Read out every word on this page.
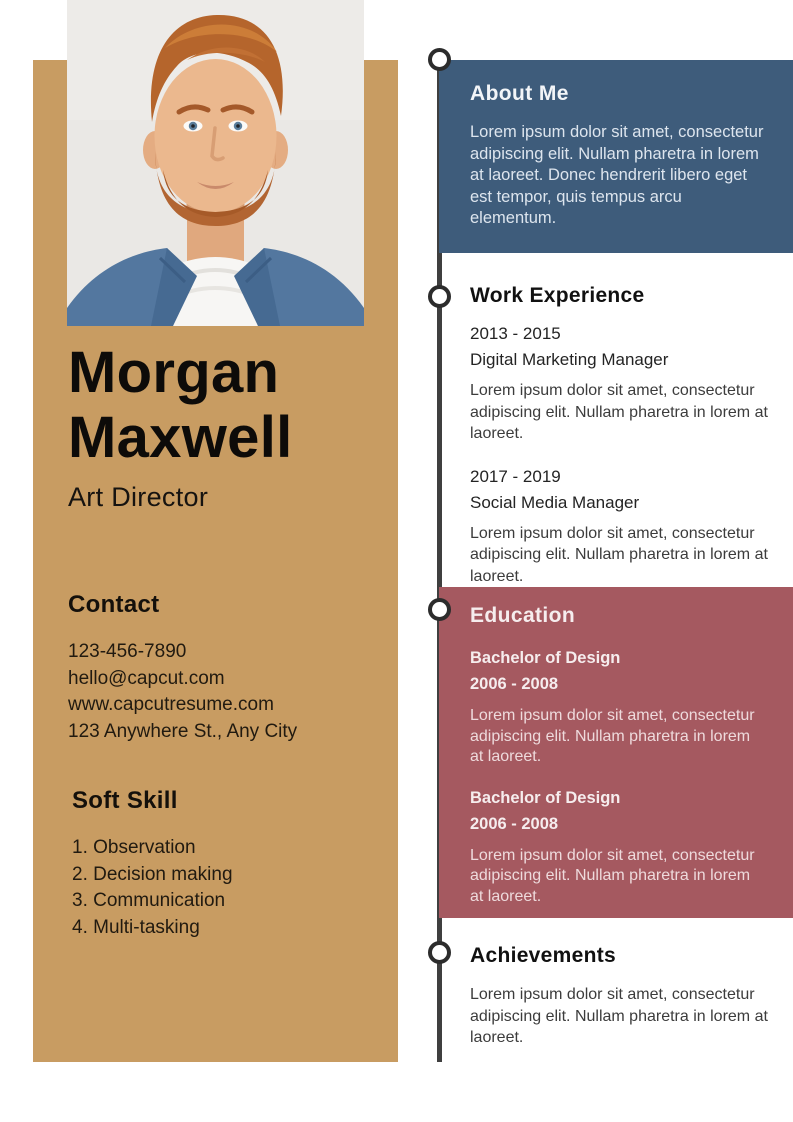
Morgan
Maxwell
Art Director
Contact
123-456-7890
hello@capcut.com
www.capcutresume.com
123 Anywhere St., Any City
Soft Skill
1. Observation
2. Decision making
3. Communication
4. Multi-tasking
About Me

Lorem ipsum dolor sit amet, consectetur adipiscing elit. Nullam pharetra in lorem at laoreet. Donec hendrerit libero eget est tempor, quis tempus arcu elementum.

Work Experience
2013 - 2015
Digital Marketing Manager
Lorem ipsum dolor sit amet, consectetur adipiscing elit. Nullam pharetra in lorem at laoreet.
2017 - 2019
Social Media Manager
Lorem ipsum dolor sit amet, consectetur adipiscing elit. Nullam pharetra in lorem at laoreet.
Education
Bachelor of Design
2006 - 2008
Lorem ipsum dolor sit amet, consectetur adipiscing elit. Nullam pharetra in lorem at laoreet.
Bachelor of Design
2006 - 2008
Lorem ipsum dolor sit amet, consectetur adipiscing elit. Nullam pharetra in lorem at laoreet.
Achievements

Lorem ipsum dolor sit amet, consectetur adipiscing elit. Nullam pharetra in lorem at laoreet.
